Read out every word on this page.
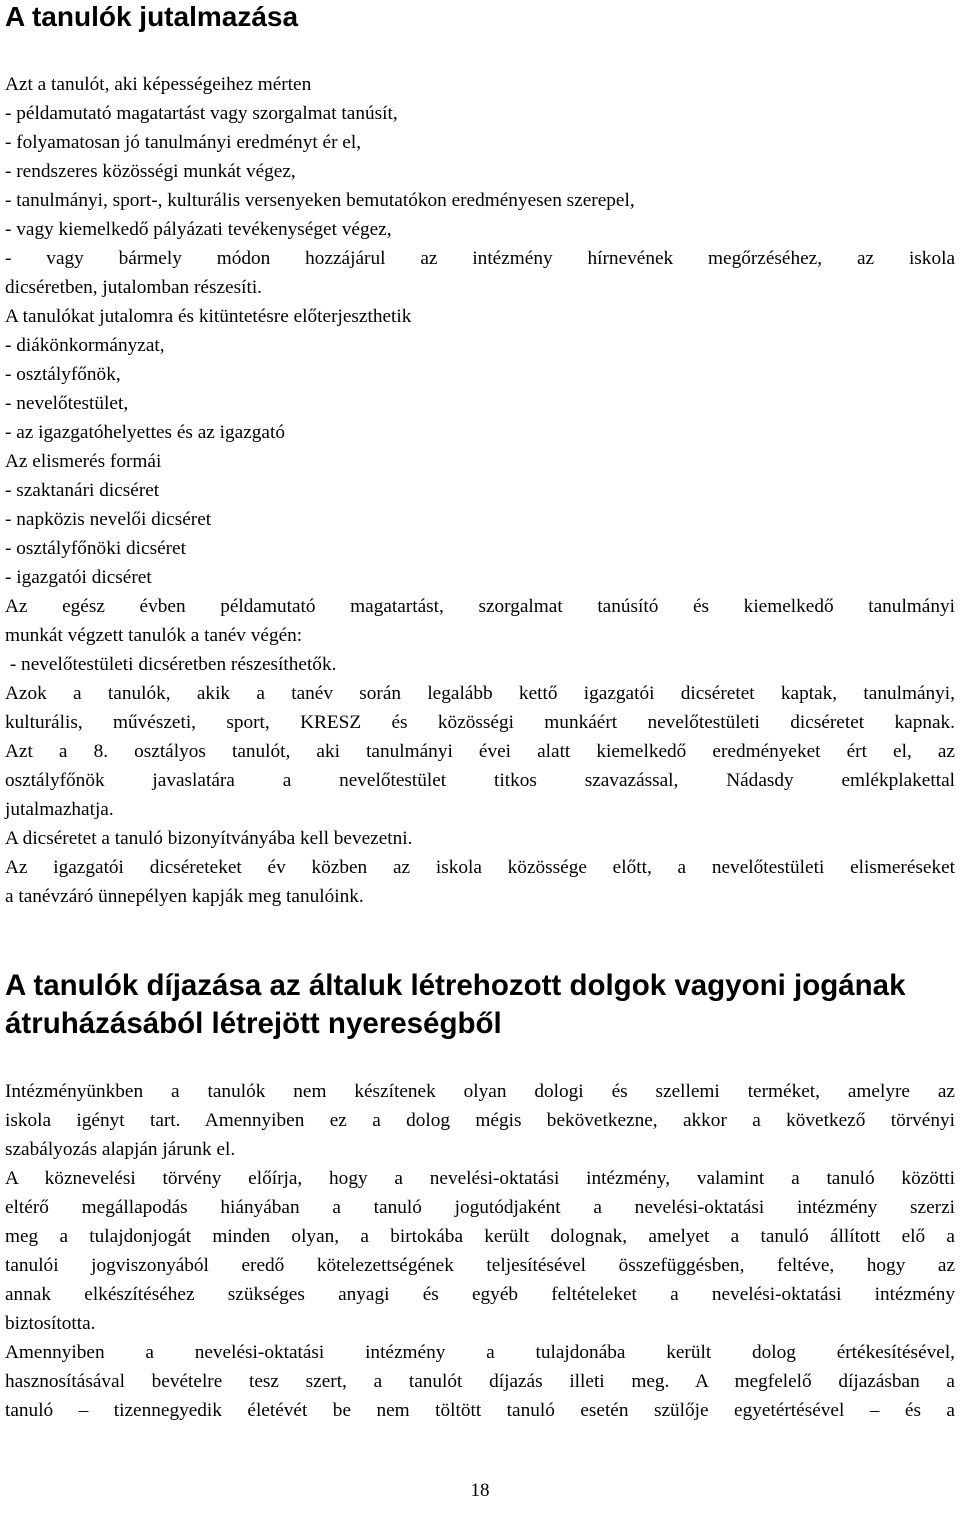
A tanulók jutalmazása
Azt a tanulót, aki képességeihez mérten
- példamutató magatartást vagy szorgalmat tanúsít,
- folyamatosan jó tanulmányi eredményt ér el,
- rendszeres közösségi munkát végez,
- tanulmányi, sport-, kulturális versenyeken bemutatókon eredményesen szerepel,
- vagy kiemelkedő pályázati tevékenységet végez,
- vagy bármely módon hozzájárul az intézmény hírnevének megőrzéséhez, az iskola
dicséretben, jutalomban részesíti.
A tanulókat jutalomra és kitüntetésre előterjeszthetik
- diákönkormányzat,
- osztályfőnök,
- nevelőtestület,
- az igazgatóhelyettes és az igazgató
Az elismerés formái
- szaktanári dicséret
- napközis nevelői dicséret
- osztályfőnöki dicséret
- igazgatói dicséret
Az egész évben példamutató magatartást, szorgalmat tanúsító és kiemelkedő tanulmányi
munkát végzett tanulók a tanév végén:
- nevelőtestületi dicséretben részesíthetők.
Azok a tanulók, akik a tanév során legalább kettő igazgatói dicséretet kaptak, tanulmányi,
kulturális, művészeti, sport, KRESZ és közösségi munkáért nevelőtestületi dicséretet kapnak.
Azt a 8. osztályos tanulót, aki tanulmányi évei alatt kiemelkedő eredményeket ért el, az
osztályfőnök javaslatára a nevelőtestület titkos szavazással, Nádasdy emlékplakettal
jutalmazhatja.
A dicséretet a tanuló bizonyítványába kell bevezetni.
Az igazgatói dicséreteket év közben az iskola közössége előtt, a nevelőtestületi elismeréseket
a tanévzáró ünnepélyen kapják meg tanulóink.
A tanulók díjazása az általuk létrehozott dolgok vagyoni jogának átruházásából létrejött nyereségből
Intézményünkben a tanulók nem készítenek olyan dologi és szellemi terméket, amelyre az
iskola igényt tart. Amennyiben ez a dolog mégis bekövetkezne, akkor a következő törvényi
szabályozás alapján járunk el.
A köznevelési törvény előírja, hogy a nevelési-oktatási intézmény, valamint a tanuló közötti
eltérő megállapodás hiányában a tanuló jogutódjaként a nevelési-oktatási intézmény szerzi
meg a tulajdonjogát minden olyan, a birtokába került dolognak, amelyet a tanuló állított elő a
tanulói jogviszonyából eredő kötelezettségének teljesítésével összefüggésben, feltéve, hogy az
annak elkészítéséhez szükséges anyagi és egyéb feltételeket a nevelési-oktatási intézmény
biztosította.
Amennyiben a nevelési-oktatási intézmény a tulajdonába került dolog értékesítésével,
hasznosításával bevételre tesz szert, a tanulót díjazás illeti meg. A megfelelő díjazásban a
tanuló – tizennegyedik életévét be nem töltött tanuló esetén szülője egyetértésével – és a
18
